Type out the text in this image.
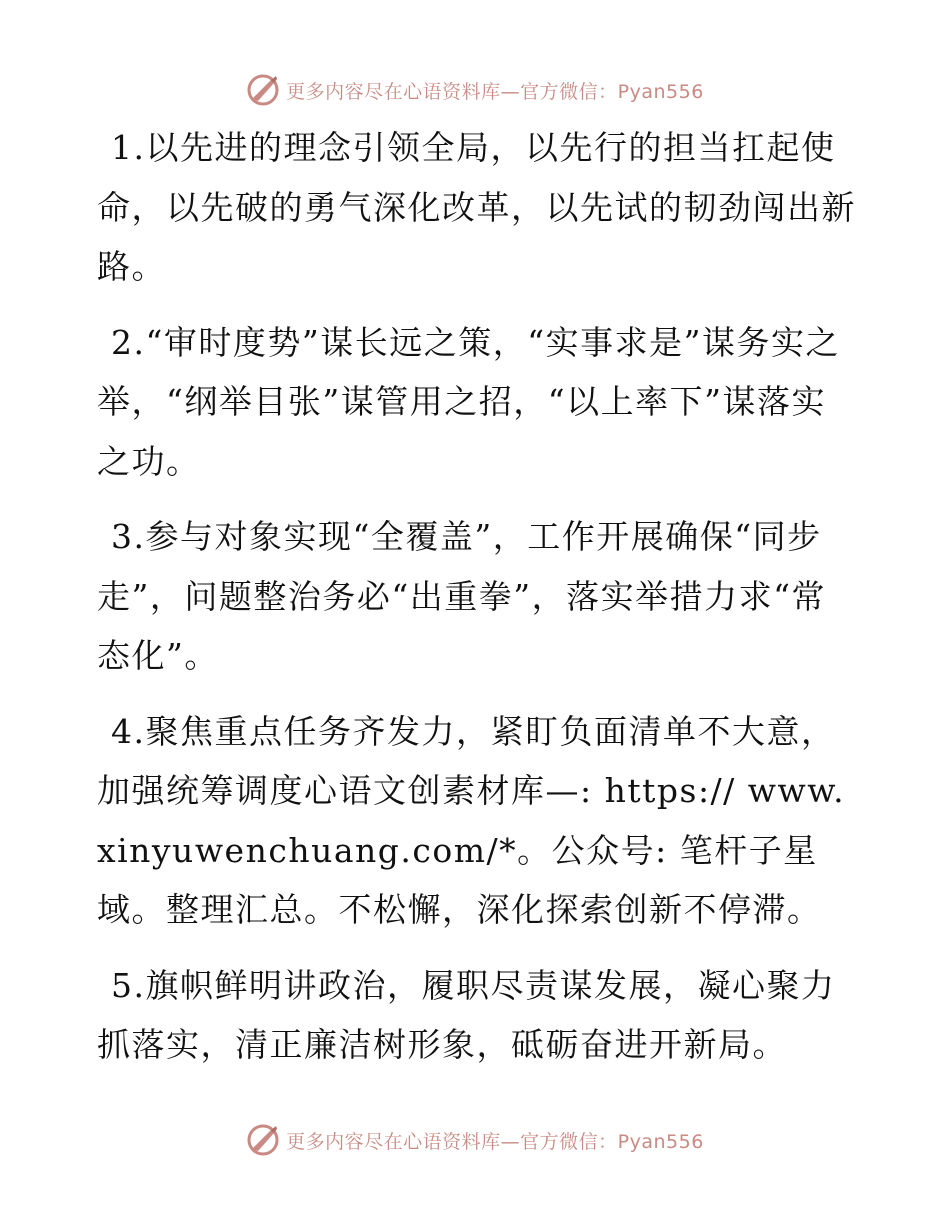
更多内容尽在心语资料库—官方微信：Pyan556

1.以先进的理念引领全局，以先行的担当扛起使命，以先破的勇气深化改革，以先试的韧劲闯出新路。

2.“审时度势”谋长远之策，“实事求是”谋务实之举，“纲举目张”谋管用之招，“以上率下”谋落实之功。

3.参与对象实现“全覆盖”，工作开展确保“同步走”，问题整治务必“出重拳”，落实举措力求“常态化”。

4.聚焦重点任务齐发力，紧盯负面清单不大意，加强统筹调度心语文创素材库—: https:// www.xinyuwenchuang.com/*。公众号: 笔杆子星域。整理汇总。不松懈，深化探索创新不停滞。

5.旗帜鲜明讲政治，履职尽责谋发展，凝心聚力抓落实，清正廉洁树形象，砥砺奋进开新局。

更多内容尽在心语资料库—官方微信：Pyan556
